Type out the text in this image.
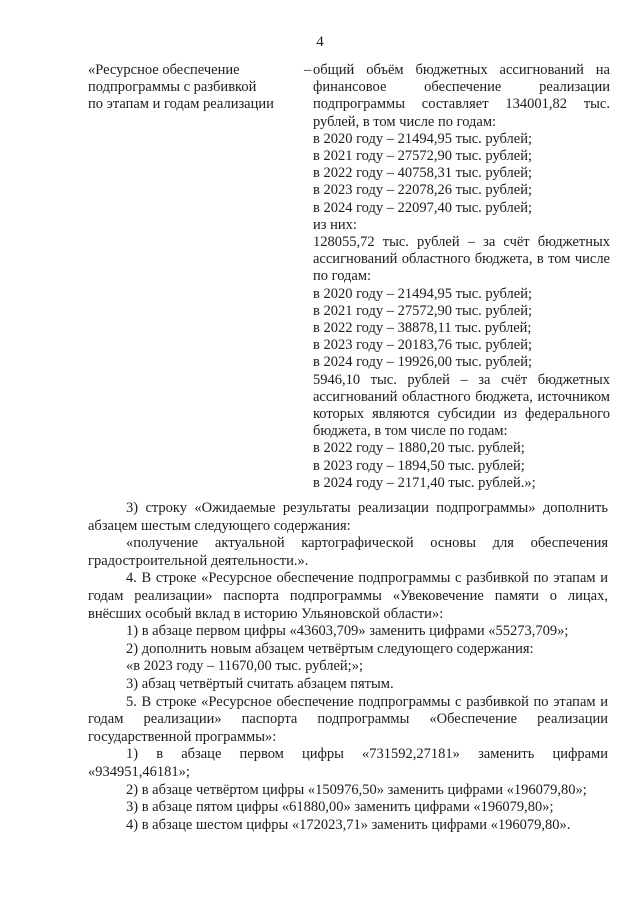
4

«Ресурсное обеспечение

подпрограммы с разбивкой

по этапам и годам реализации

– общий объём бюджетных ассигнований на финансовое обеспечение реализации подпрограммы составляет 134001,82 тыс. рублей, в том числе по годам:

в 2020 году – 21494,95 тыс. рублей;

в 2021 году – 27572,90 тыс. рублей;

в 2022 году – 40758,31 тыс. рублей;

в 2023 году – 22078,26 тыс. рублей;

в 2024 году – 22097,40 тыс. рублей;

из них:

128055,72 тыс. рублей – за счёт бюджетных ассигнований областного бюджета, в том числе по годам:

в 2020 году – 21494,95 тыс. рублей;

в 2021 году – 27572,90 тыс. рублей;

в 2022 году – 38878,11 тыс. рублей;

в 2023 году – 20183,76 тыс. рублей;

в 2024 году – 19926,00 тыс. рублей;

5946,10 тыс. рублей – за счёт бюджетных ассигнований областного бюджета, источником которых являются субсидии из федерального бюджета, в том числе по годам:

в 2022 году – 1880,20 тыс. рублей;

в 2023 году – 1894,50 тыс. рублей;

в 2024 году – 2171,40 тыс. рублей.»;

3) строку «Ожидаемые результаты реализации подпрограммы» дополнить абзацем шестым следующего содержания:

«получение актуальной картографической основы для обеспечения градостроительной деятельности.».

4. В строке «Ресурсное обеспечение подпрограммы с разбивкой по этапам и годам реализации» паспорта подпрограммы «Увековечение памяти о лицах, внёсших особый вклад в историю Ульяновской области»:

1) в абзаце первом цифры «43603,709» заменить цифрами «55273,709»;

2) дополнить новым абзацем четвёртым следующего содержания:

«в 2023 году – 11670,00 тыс. рублей;»;

3) абзац четвёртый считать абзацем пятым.

5. В строке «Ресурсное обеспечение подпрограммы с разбивкой по этапам и годам реализации» паспорта подпрограммы «Обеспечение реализации государственной программы»:

1) в абзаце первом цифры «731592,27181» заменить цифрами «934951,46181»;

2) в абзаце четвёртом цифры «150976,50» заменить цифрами «196079,80»;

3) в абзаце пятом цифры «61880,00» заменить цифрами «196079,80»;

4) в абзаце шестом цифры «172023,71» заменить цифрами «196079,80».
